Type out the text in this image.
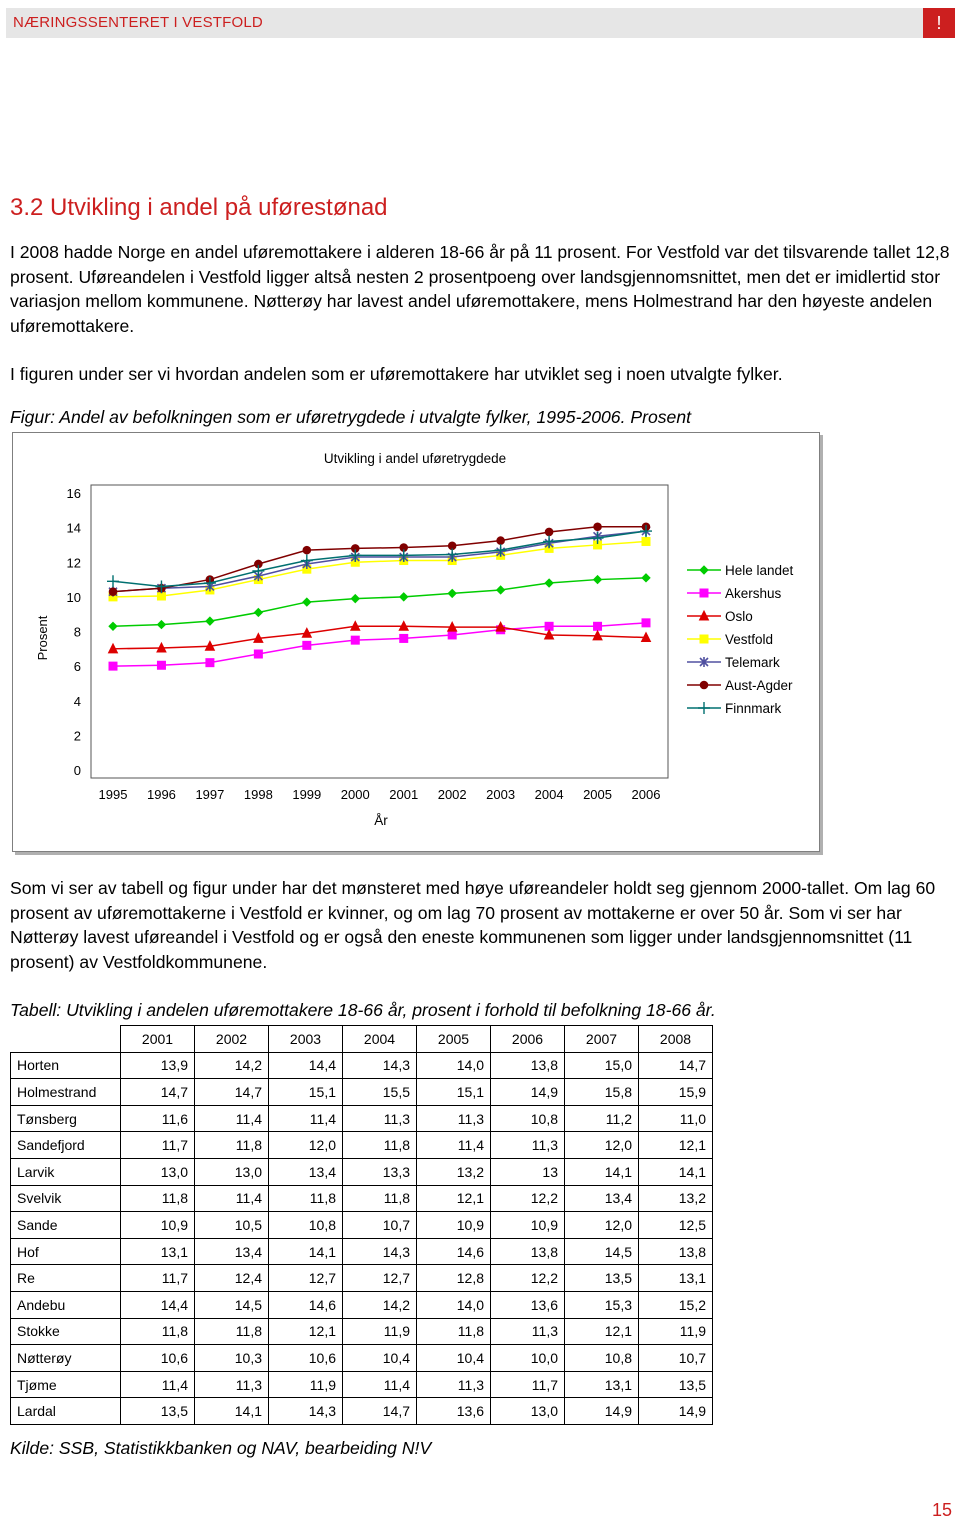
NÆRINGSSENTERET I VESTFOLD	!
3.2 Utvikling i andel på uførestønad
I 2008 hadde Norge en andel uføremottakere i alderen 18-66 år på 11 prosent. For Vestfold var det tilsvarende tallet 12,8 prosent. Uføreandelen i Vestfold ligger altså nesten 2 prosentpoeng over landsgjennomsnittet, men det er imidlertid stor variasjon mellom kommunene. Nøtterøy har lavest andel uføremottakere, mens Holmestrand har den høyeste andelen uføremottakere.
I figuren under ser vi hvordan andelen som er uføremottakere har utviklet seg i noen utvalgte fylker.
Figur: Andel av befolkningen som er uføretrygdede i utvalgte fylker, 1995-2006. Prosent
Utvikling i andel uføretrygdede
Prosent
År
0
2
4
6
8
10
12
14
16
1995 1996 1997 1998 1999 2000 2001 2002 2003 2004 2005 2006
Hele landet
Akershus
Oslo
Vestfold
Telemark
Aust-Agder
Finnmark
Som vi ser av tabell og figur under har det mønsteret med høye uføreandeler holdt seg gjennom 2000-tallet. Om lag 60 prosent av uføremottakerne i Vestfold er kvinner, og om lag 70 prosent av mottakerne er over 50 år. Som vi ser har Nøtterøy lavest uføreandel i Vestfold og er også den eneste kommunenen som ligger under landsgjennomsnittet (11 prosent) av Vestfoldkommunene.
Tabell: Utvikling i andelen uføremottakere 18-66 år, prosent i forhold til befolkning 18-66 år.
	2001	2002	2003	2004	2005	2006	2007	2008
Horten	13,9	14,2	14,4	14,3	14,0	13,8	15,0	14,7
Holmestrand	14,7	14,7	15,1	15,5	15,1	14,9	15,8	15,9
Tønsberg	11,6	11,4	11,4	11,3	11,3	10,8	11,2	11,0
Sandefjord	11,7	11,8	12,0	11,8	11,4	11,3	12,0	12,1
Larvik	13,0	13,0	13,4	13,3	13,2	13	14,1	14,1
Svelvik	11,8	11,4	11,8	11,8	12,1	12,2	13,4	13,2
Sande	10,9	10,5	10,8	10,7	10,9	10,9	12,0	12,5
Hof	13,1	13,4	14,1	14,3	14,6	13,8	14,5	13,8
Re	11,7	12,4	12,7	12,7	12,8	12,2	13,5	13,1
Andebu	14,4	14,5	14,6	14,2	14,0	13,6	15,3	15,2
Stokke	11,8	11,8	12,1	11,9	11,8	11,3	12,1	11,9
Nøtterøy	10,6	10,3	10,6	10,4	10,4	10,0	10,8	10,7
Tjøme	11,4	11,3	11,9	11,4	11,3	11,7	13,1	13,5
Lardal	13,5	14,1	14,3	14,7	13,6	13,0	14,9	14,9
Kilde: SSB, Statistikkbanken og NAV, bearbeiding N!V
15
